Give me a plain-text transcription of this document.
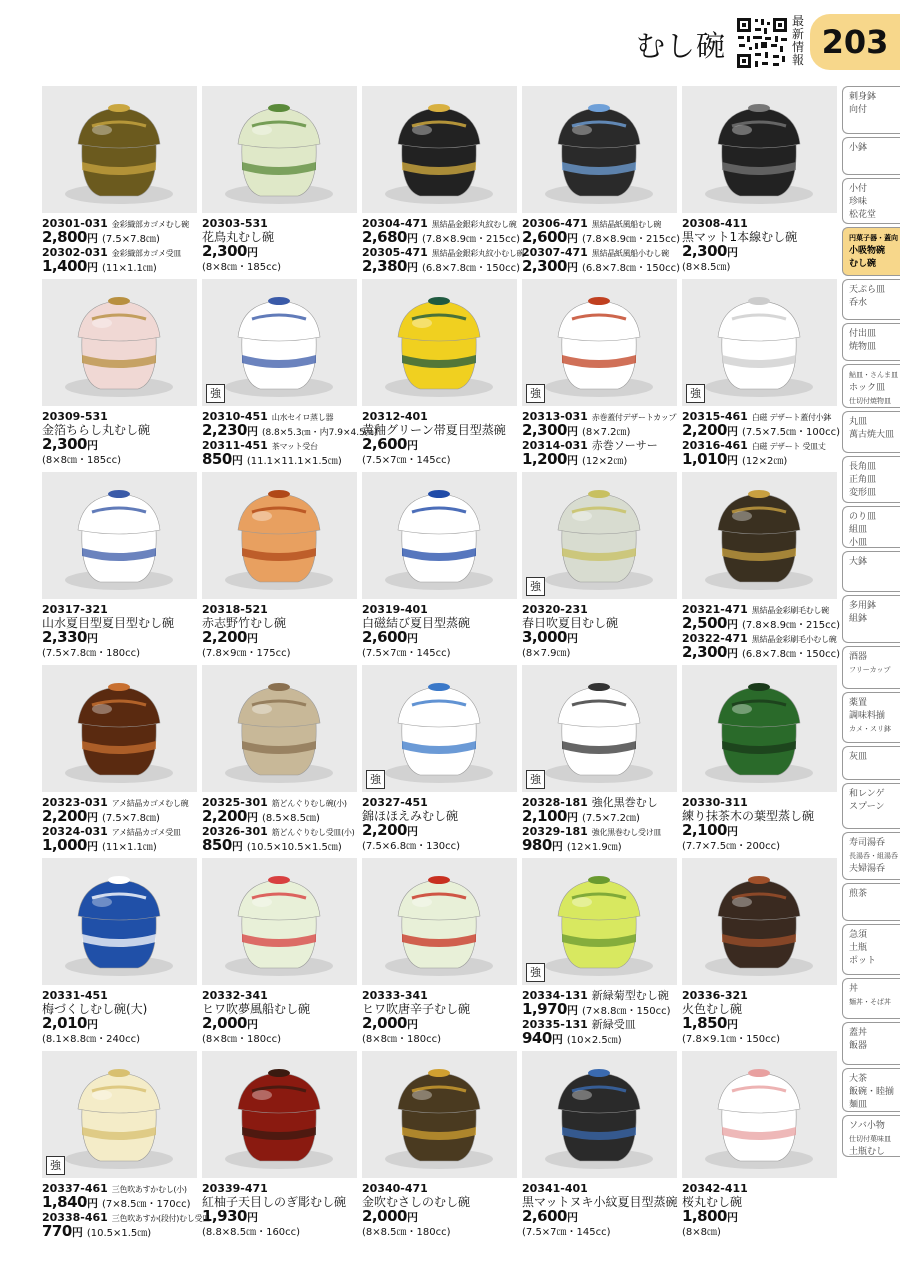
むし碗
最
新
情
報 203
20301-031 金彩織部カゴメむし碗
2,800円 (7.5×7.8㎝)
20302-031 金彩織部カゴメ受皿
1,400円 (11×1.1㎝)
20303-531
花鳥丸むし碗
2,300円
(8×8㎝・185cc)
20304-471 黒結晶金銀彩丸紋むし碗
2,680円 (7.8×8.9㎝・215cc)
20305-471 黒結晶金銀彩丸紋小むし碗
2,380円 (6.8×7.8㎝・150cc)
20306-471 黒結晶紙風船むし碗
2,600円 (7.8×8.9㎝・215cc)
20307-471 黒結晶紙風船小むし碗
2,300円 (6.8×7.8㎝・150cc)
20308-411
黒マット1本線むし碗
2,300円
(8×8.5㎝)
20309-531
金箔ちらし丸むし碗
2,300円
(8×8㎝・185cc)
強
20310-451 山水セイロ蒸し器
2,230円 (8.8×5.3㎝・内7.9×4.5㎝)
20311-451 茶マット受台
850円 (11.1×11.1×1.5㎝)
20312-401
黄釉グリーン帯夏目型蒸碗
2,600円
(7.5×7㎝・145cc)
強
20313-031 赤巻蓋付デザートカップ
2,300円 (8×7.2㎝)
20314-031 赤巻ソーサー
1,200円 (12×2㎝)
強
20315-461 白磁 デザート蓋付小鉢
2,200円 (7.5×7.5㎝・100cc)
20316-461 白磁 デザート 受皿丈
1,010円 (12×2㎝)
20317-321
山水夏目型夏目型むし碗
2,330円
(7.5×7.8㎝・180cc)
20318-521
赤志野竹むし碗
2,200円
(7.8×9㎝・175cc)
20319-401
白磁結び夏目型蒸碗
2,600円
(7.5×7㎝・145cc)
強
20320-231
春日吹夏目むし碗
3,000円
(8×7.9㎝)
20321-471 黒結晶金彩刷毛むし碗
2,500円 (7.8×8.9㎝・215cc)
20322-471 黒結晶金彩刷毛小むし碗
2,300円 (6.8×7.8㎝・150cc)
20323-031 アメ結晶カゴメむし碗
2,200円 (7.5×7.8㎝)
20324-031 アメ結晶カゴメ受皿
1,000円 (11×1.1㎝)
20325-301 筋どんぐりむし碗(小)
2,200円 (8.5×8.5㎝)
20326-301 筋どんぐりむし受皿(小)
850円 (10.5×10.5×1.5㎝)
強
20327-451
錦ほほえみむし碗
2,200円
(7.5×6.8㎝・130cc)
強
20328-181 強化黒巻むし
2,100円 (7.5×7.2㎝)
20329-181 強化黒巻むし受け皿
980円 (12×1.9㎝)
20330-311
練り抹茶木の葉型蒸し碗
2,100円
(7.7×7.5㎝・200cc)
20331-451
梅づくしむし碗(大)
2,010円
(8.1×8.8㎝・240cc)
20332-341
ヒワ吹夢風船むし碗
2,000円
(8×8㎝・180cc)
20333-341
ヒワ吹唐辛子むし碗
2,000円
(8×8㎝・180cc)
強
20334-131 新緑菊型むし碗
1,970円 (7×8.8㎝・150cc)
20335-131 新緑受皿
940円 (10×2.5㎝)
20336-321
火色むし碗
1,850円
(7.8×9.1㎝・150cc)
強
20337-461 三色吹あすかむし(小)
1,840円 (7×8.5㎝・170cc)
20338-461 三色吹あすか(段付)むし受皿
770円 (10.5×1.5㎝)
20339-471
紅柚子天目しのぎ彫むし碗
1,930円
(8.8×8.5㎝・160cc)
20340-471
金吹むさしのむし碗
2,000円
(8×8.5㎝・180cc)
20341-401
黒マットヌキ小紋夏目型蒸碗
2,600円
(7.5×7㎝・145cc)
20342-411
桜丸むし碗
1,800円
(8×8㎝)
刺身鉢
向付
小鉢
小付
珍味
松花堂
円菓子器・蓋向
小吸物碗
むし碗
天ぷら皿
呑水
付出皿
焼物皿
鮎皿・さんま皿
ホック皿
仕切付焼物皿
丸皿
萬古焼大皿
長角皿
正角皿
変形皿
のり皿
組皿
小皿
大鉢
多用鉢
組鉢
酒器
フリーカップ
薬置
調味料揃
カメ・スリ鉢
灰皿
和レンゲ
スプーン
寿司湯呑
長湯呑・組湯呑
夫婦湯呑
煎茶
急須
土瓶
ポット
丼
麺丼・そば丼
蓋丼
飯器
大茶
飯碗・睦揃
麺皿
ソバ小物
仕切付菓味皿
土瓶むし
